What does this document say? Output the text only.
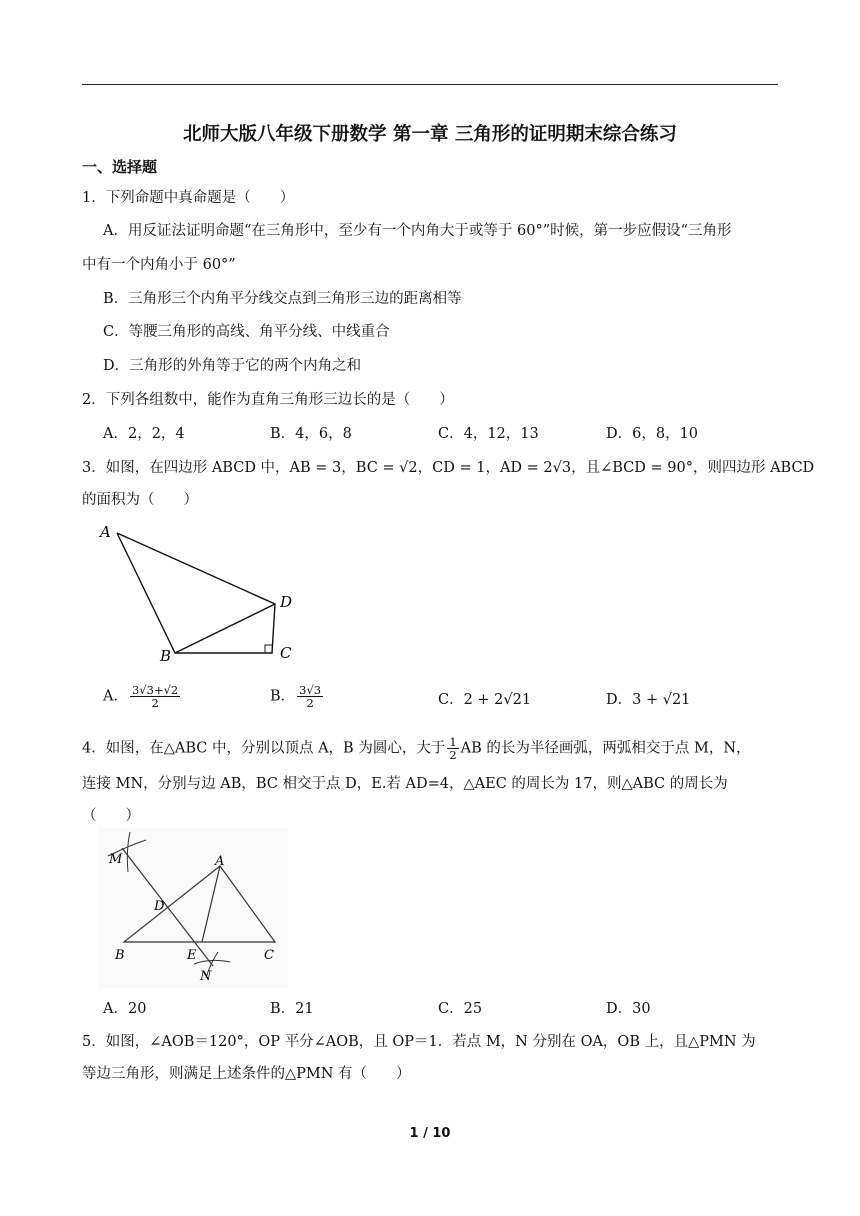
北师大版八年级下册数学 第一章 三角形的证明期末综合练习
一、选择题
1．下列命题中真命题是（　　）
A．用反证法证明命题“在三角形中，至少有一个内角大于或等于 60°”时候，第一步应假设“三角形
中有一个内角小于 60°”
B．三角形三个内角平分线交点到三角形三边的距离相等
C．等腰三角形的高线、角平分线、中线重合
D．三角形的外角等于它的两个内角之和
2．下列各组数中，能作为直角三角形三边长的是（　　）
A．2，2，4	B．4，6，8	C．4，12，13	D．6，8，10
3．如图，在四边形 ABCD 中，AB = 3，BC = √2，CD = 1，AD = 2√3，且∠BCD = 90°，则四边形 ABCD
的面积为（　　）
A
B	C
D
A． $\frac{3√3+√2}{2}$	B． $\frac{3√3}{2}$	C．2 + 2√21	D．3 + √21
4．如图，在△ABC 中，分别以顶点 A，B 为圆心，大于 $\frac{1}{2}$ AB 的长为半径画弧，两弧相交于点 M，N，
连接 MN，分别与边 AB，BC 相交于点 D，E.若 AD=4，△AEC 的周长为 17，则△ABC 的周长为
（　　）
M	A
D
B	E	C
N
A．20	B．21	C．25	D．30
5．如图，∠AOB＝120°，OP 平分∠AOB，且 OP＝1．若点 M，N 分别在 OA，OB 上，且△PMN 为
等边三角形，则满足上述条件的△PMN 有（　　）
1 / 10
